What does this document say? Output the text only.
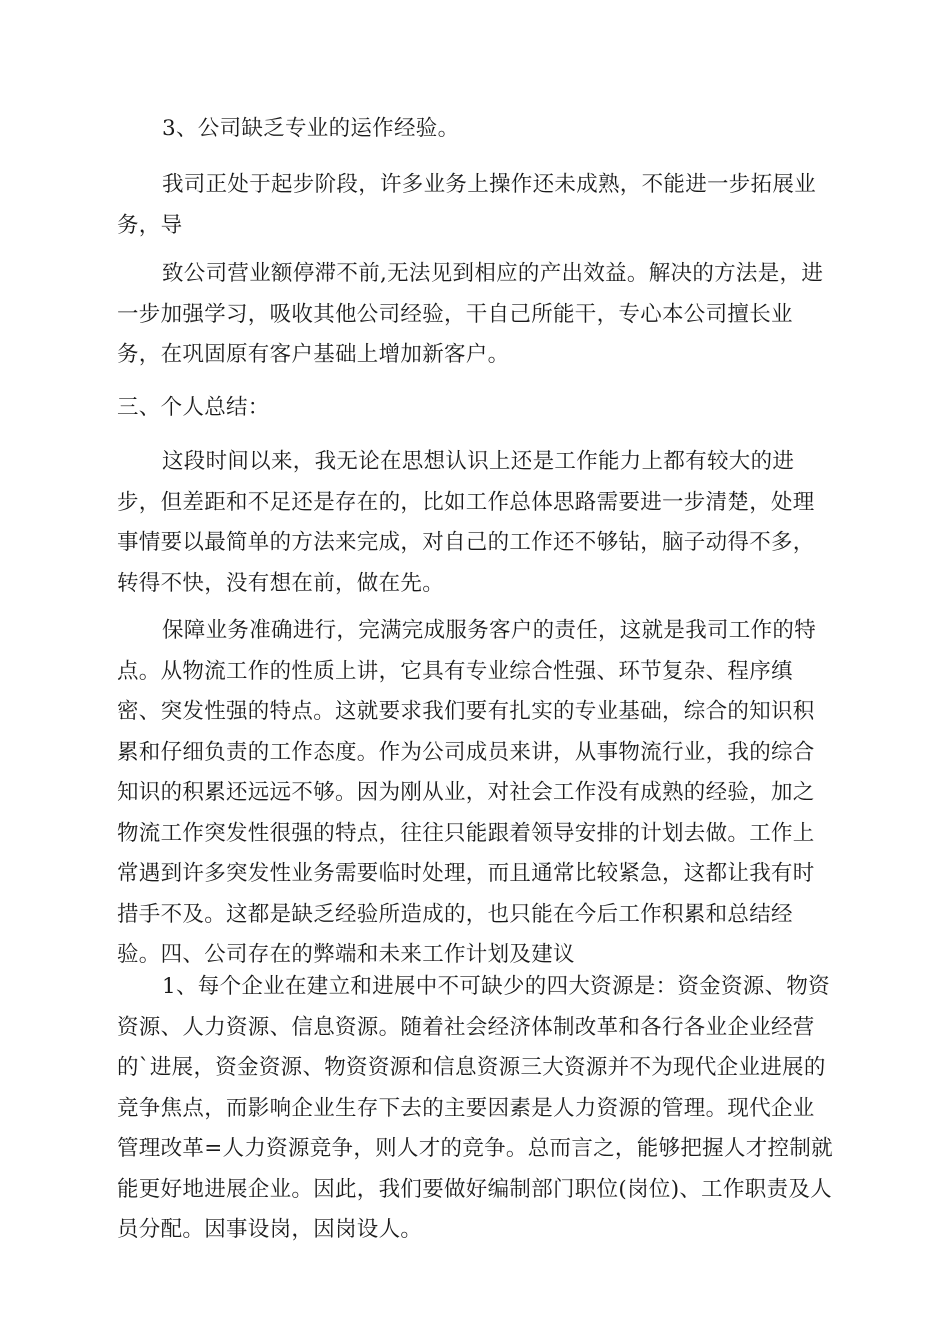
3、公司缺乏专业的运作经验。

我司正处于起步阶段，许多业务上操作还未成熟，不能进一步拓展业务，导

致公司营业额停滞不前,无法见到相应的产出效益。解决的方法是，进一步加强学习，吸收其他公司经验，干自己所能干，专心本公司擅长业务，在巩固原有客户基础上增加新客户。

三、个人总结：

这段时间以来，我无论在思想认识上还是工作能力上都有较大的进步，但差距和不足还是存在的，比如工作总体思路需要进一步清楚，处理事情要以最简单的方法来完成，对自己的工作还不够钻，脑子动得不多，转得不快，没有想在前，做在先。

保障业务准确进行，完满完成服务客户的责任，这就是我司工作的特点。从物流工作的性质上讲，它具有专业综合性强、环节复杂、程序缜密、突发性强的特点。这就要求我们要有扎实的专业基础，综合的知识积累和仔细负责的工作态度。作为公司成员来讲，从事物流行业，我的综合知识的积累还远远不够。因为刚从业，对社会工作没有成熟的经验，加之物流工作突发性很强的特点，往往只能跟着领导安排的计划去做。工作上常遇到许多突发性业务需要临时处理，而且通常比较紧急，这都让我有时措手不及。这都是缺乏经验所造成的，也只能在今后工作积累和总结经验。四、公司存在的弊端和未来工作计划及建议

1、每个企业在建立和进展中不可缺少的四大资源是：资金资源、物资资源、人力资源、信息资源。随着社会经济体制改革和各行各业企业经营的`进展，资金资源、物资资源和信息资源三大资源并不为现代企业进展的竞争焦点，而影响企业生存下去的主要因素是人力资源的管理。现代企业管理改革=人力资源竞争，则人才的竞争。总而言之，能够把握人才控制就能更好地进展企业。因此，我们要做好编制部门职位(岗位)、工作职责及人员分配。因事设岗，因岗设人。
